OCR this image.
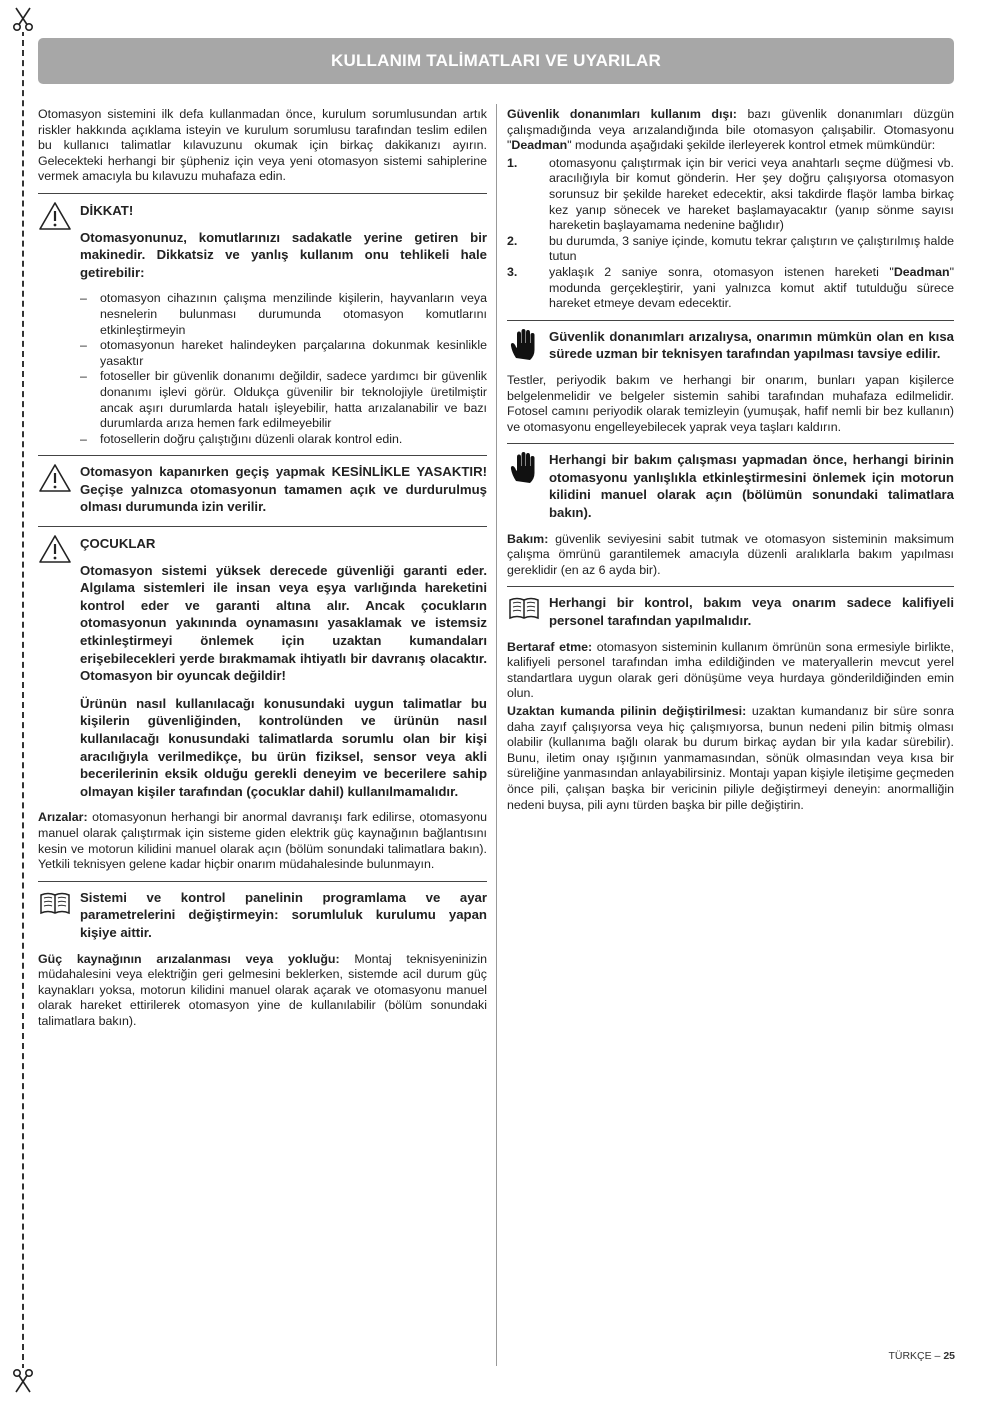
KULLANIM TALİMATLARI VE UYARILAR

Otomasyon sistemini ilk defa kullanmadan önce, kurulum sorumlusundan artık riskler hakkında açıklama isteyin ve kurulum sorumlusu tarafından teslim edilen bu kullanıcı talimatlar kılavuzunu okumak için birkaç dakikanızı ayırın. Gelecekteki herhangi bir şüpheniz için veya yeni otomasyon sistemi sahiplerine vermek amacıyla bu kılavuzu muhafaza edin.

DİKKAT!
Otomasyonunuz, komutlarınızı sadakatle yerine getiren bir makinedir. Dikkatsiz ve yanlış kullanım onu tehlikeli hale getirebilir:
– otomasyon cihazının çalışma menzilinde kişilerin, hayvanların veya nesnelerin bulunması durumunda otomasyon komutlarını etkinleştirmeyin
– otomasyonun hareket halindeyken parçalarına dokunmak kesinlikle yasaktır
– fotoseller bir güvenlik donanımı değildir, sadece yardımcı bir güvenlik donanımı işlevi görür. Oldukça güvenilir bir teknolojiyle üretilmiştir ancak aşırı durumlarda hatalı işleyebilir, hatta arızalanabilir ve bazı durumlarda arıza hemen fark edilmeyebilir
– fotosellerin doğru çalıştığını düzenli olarak kontrol edin.
Otomasyon kapanırken geçiş yapmak KESİNLİKLE YASAKTIR! Geçişe yalnızca otomasyonun tamamen açık ve durdurulmuş olması durumunda izin verilir.
ÇOCUKLAR
Otomasyon sistemi yüksek derecede güvenliği garanti eder. Algılama sistemleri ile insan veya eşya varlığında hareketini kontrol eder ve garanti altına alır. Ancak çocukların otomasyonun yakınında oynamasını yasaklamak ve istemsiz etkinleştirmeyi önlemek için uzaktan kumandaları erişebilecekleri yerde bırakmamak ihtiyatlı bir davranış olacaktır. Otomasyon bir oyuncak değildir!
Ürünün nasıl kullanılacağı konusundaki uygun talimatlar bu kişilerin güvenliğinden, kontrolünden ve ürünün nasıl kullanılacağı konusundaki talimatlarda sorumlu olan bir kişi aracılığıyla verilmedikçe, bu ürün fiziksel, sensor veya akli becerilerinin eksik olduğu gerekli deneyim ve becerilere sahip olmayan kişiler tarafından (çocuklar dahil) kullanılmamalıdır.

Arızalar: otomasyonun herhangi bir anormal davranışı fark edilirse, otomasyonu manuel olarak çalıştırmak için sisteme giden elektrik güç kaynağının bağlantısını kesin ve motorun kilidini manuel olarak açın (bölüm sonundaki talimatlara bakın). Yetkili teknisyen gelene kadar hiçbir onarım müdahalesinde bulunmayın.

Sistemi ve kontrol panelinin programlama ve ayar parametrelerini değiştirmeyin: sorumluluk kurulumu yapan kişiye aittir.

Güç kaynağının arızalanması veya yokluğu: Montaj teknisyeninizin müdahalesini veya elektriğin geri gelmesini beklerken, sistemde acil durum güç kaynakları yoksa, motorun kilidini manuel olarak açarak ve otomasyonu manuel olarak hareket ettirilerek otomasyon yine de kullanılabilir (bölüm sonundaki talimatlara bakın).

Güvenlik donanımları kullanım dışı: bazı güvenlik donanımları düzgün çalışmadığında veya arızalandığında bile otomasyon çalışabilir. Otomasyonu "Deadman" modunda aşağıdaki şekilde ilerleyerek kontrol etmek mümkündür:

1.	otomasyonu çalıştırmak için bir verici veya anahtarlı seçme düğmesi vb. aracılığıyla bir komut gönderin. Her şey doğru çalışıyorsa otomasyon sorunsuz bir şekilde hareket edecektir, aksi takdirde flaşör lamba birkaç kez yanıp sönecek ve hareket başlamayacaktır (yanıp sönme sayısı hareketin başlayamama nedenine bağlıdır)
2.	bu durumda, 3 saniye içinde, komutu tekrar çalıştırın ve çalıştırılmış halde tutun
3.	yaklaşık 2 saniye sonra, otomasyon istenen hareketi "Deadman" modunda gerçekleştirir, yani yalnızca komut aktif tutulduğu sürece hareket etmeye devam edecektir.
Güvenlik donanımları arızalıysa, onarımın mümkün olan en kısa sürede uzman bir teknisyen tarafından yapılması tavsiye edilir.

Testler, periyodik bakım ve herhangi bir onarım, bunları yapan kişilerce belgelenmelidir ve belgeler sistemin sahibi tarafından muhafaza edilmelidir. Fotosel camını periyodik olarak temizleyin (yumuşak, hafif nemli bir bez kullanın) ve otomasyonu engelleyebilecek yaprak veya taşları kaldırın.

Herhangi bir bakım çalışması yapmadan önce, herhangi birinin otomasyonu yanlışlıkla etkinleştirmesini önlemek için motorun kilidini manuel olarak açın (bölümün sonundaki talimatlara bakın).

Bakım: güvenlik seviyesini sabit tutmak ve otomasyon sisteminin maksimum çalışma ömrünü garantilemek amacıyla düzenli aralıklarla bakım yapılması gereklidir (en az 6 ayda bir).

Herhangi bir kontrol, bakım veya onarım sadece kalifiyeli personel tarafından yapılmalıdır.

Bertaraf etme: otomasyon sisteminin kullanım ömrünün sona ermesiyle birlikte, kalifiyeli personel tarafından imha edildiğinden ve materyallerin mevcut yerel standartlara uygun olarak geri dönüşüme veya hurdaya gönderildiğinden emin olun.

Uzaktan kumanda pilinin değiştirilmesi: uzaktan kumandanız bir süre sonra daha zayıf çalışıyorsa veya hiç çalışmıyorsa, bunun nedeni pilin bitmiş olması olabilir (kullanıma bağlı olarak bu durum birkaç aydan bir yıla kadar sürebilir). Bunu, iletim onay ışığının yanmamasından, sönük olmasından veya kısa bir süreliğine yanmasından anlayabilirsiniz. Montajı yapan kişiyle iletişime geçmeden önce pili, çalışan başka bir vericinin piliyle değiştirmeyi deneyin: anormalliğin nedeni buysa, pili aynı türden başka bir pille değiştirin.

TÜRKÇE – 25
